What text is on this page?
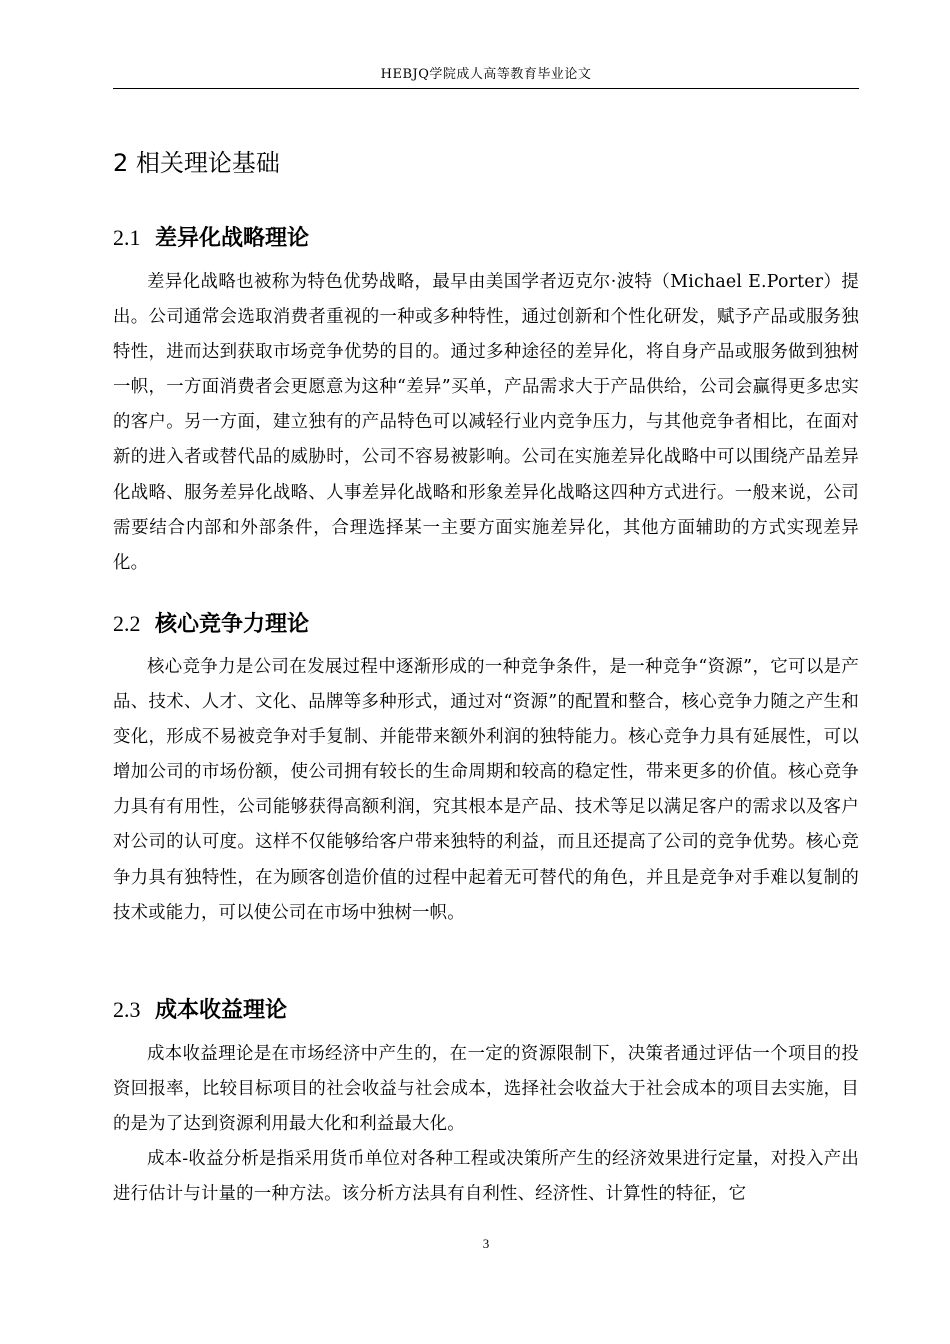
HEBJQ学院成人高等教育毕业论文
2 相关理论基础
2.1 差异化战略理论

差异化战略也被称为特色优势战略，最早由美国学者迈克尔·波特（Michael E.Porter）提出。公司通常会选取消费者重视的一种或多种特性，通过创新和个性化研发，赋予产品或服务独特性，进而达到获取市场竞争优势的目的。通过多种途径的差异化，将自身产品或服务做到独树一帜，一方面消费者会更愿意为这种“差异”买单，产品需求大于产品供给，公司会赢得更多忠实的客户。另一方面，建立独有的产品特色可以减轻行业内竞争压力，与其他竞争者相比，在面对新的进入者或替代品的威胁时，公司不容易被影响。公司在实施差异化战略中可以围绕产品差异化战略、服务差异化战略、人事差异化战略和形象差异化战略这四种方式进行。一般来说，公司需要结合内部和外部条件，合理选择某一主要方面实施差异化，其他方面辅助的方式实现差异化。

2.2 核心竞争力理论

核心竞争力是公司在发展过程中逐渐形成的一种竞争条件，是一种竞争“资源”，它可以是产品、技术、人才、文化、品牌等多种形式，通过对“资源”的配置和整合，核心竞争力随之产生和变化，形成不易被竞争对手复制、并能带来额外利润的独特能力。核心竞争力具有延展性，可以增加公司的市场份额，使公司拥有较长的生命周期和较高的稳定性，带来更多的价值。核心竞争力具有有用性，公司能够获得高额利润，究其根本是产品、技术等足以满足客户的需求以及客户对公司的认可度。这样不仅能够给客户带来独特的利益，而且还提高了公司的竞争优势。核心竞争力具有独特性，在为顾客创造价值的过程中起着无可替代的角色，并且是竞争对手难以复制的技术或能力，可以使公司在市场中独树一帜。

2.3 成本收益理论

成本收益理论是在市场经济中产生的，在一定的资源限制下，决策者通过评估一个项目的投资回报率，比较目标项目的社会收益与社会成本，选择社会收益大于社会成本的项目去实施，目的是为了达到资源利用最大化和利益最大化。

成本-收益分析是指采用货币单位对各种工程或决策所产生的经济效果进行定量，对投入产出进行估计与计量的一种方法。该分析方法具有自利性、经济性、计算性的特征，它

3
